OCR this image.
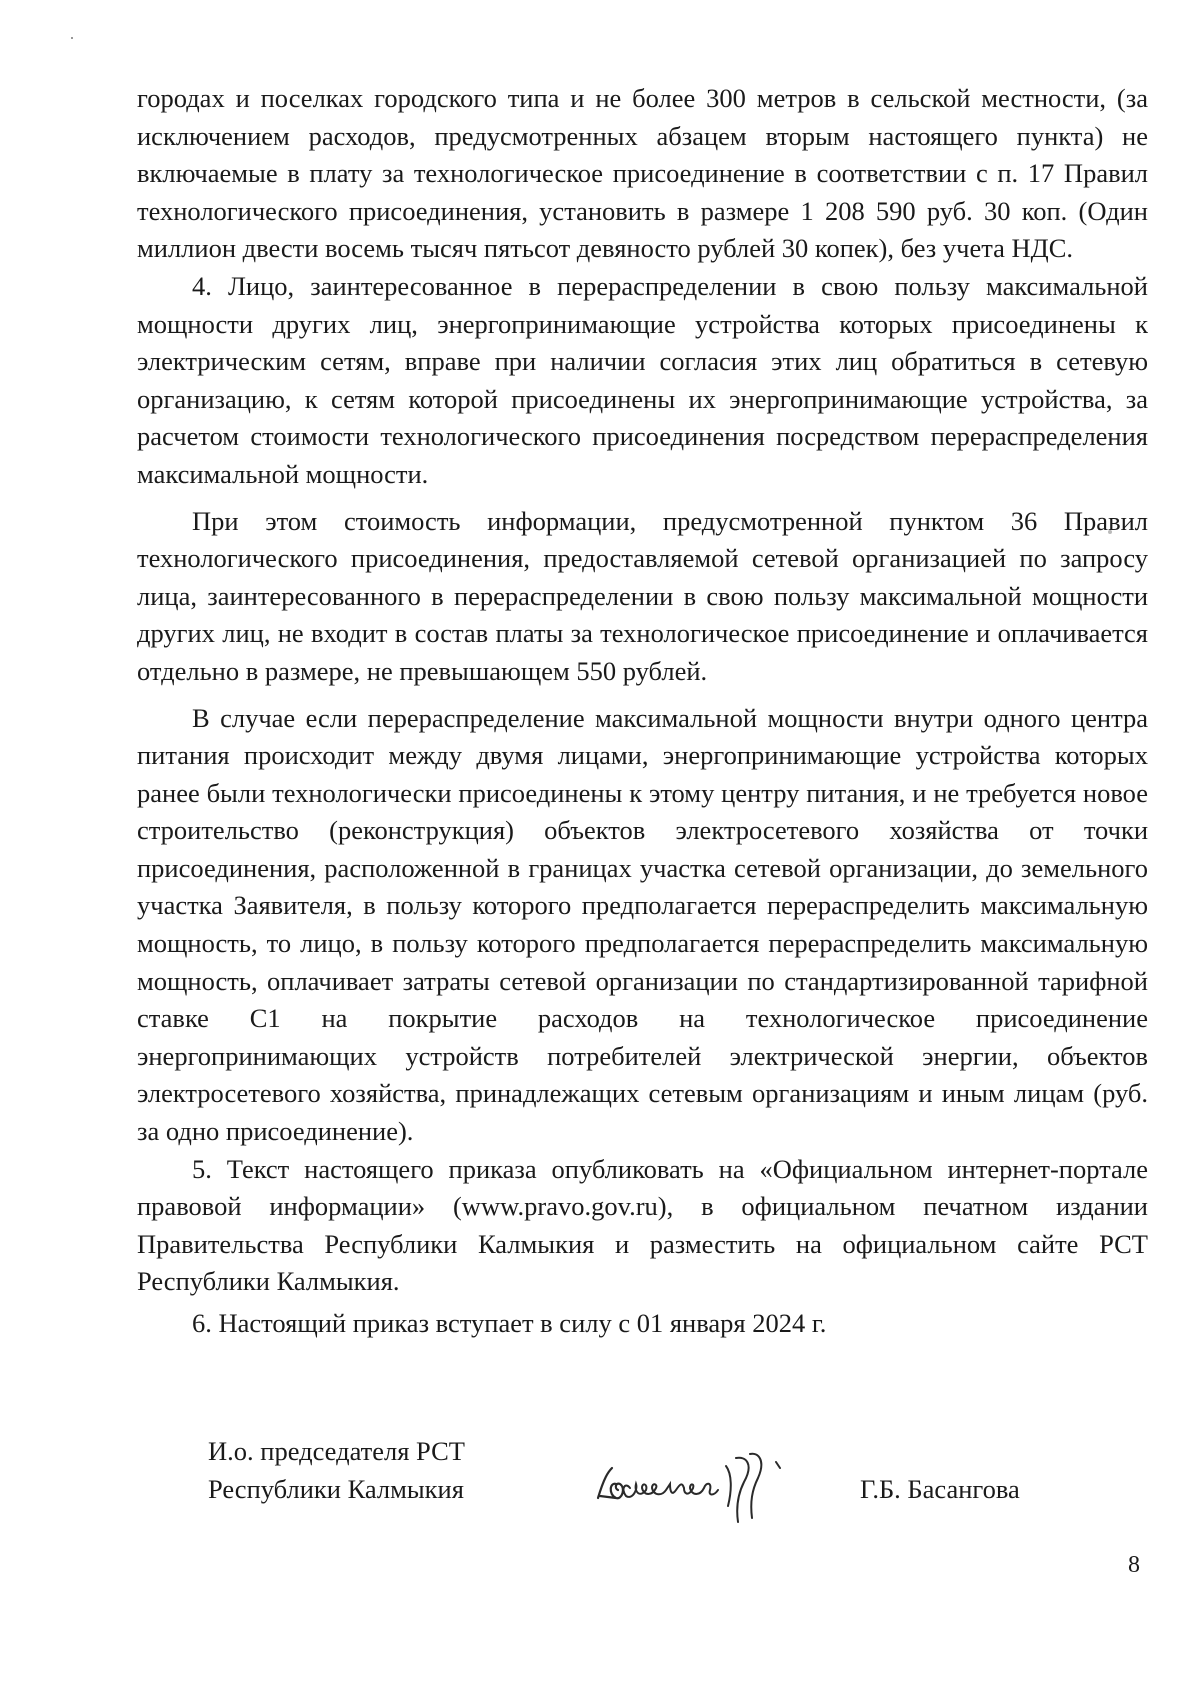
городах и поселках городского типа и не более 300 метров в сельской местности, (за исключением расходов, предусмотренных абзацем вторым настоящего пункта) не включаемые в плату за технологическое присоединение в соответствии с п. 17 Правил технологического присоединения, установить в размере 1 208 590 руб. 30 коп. (Один миллион двести восемь тысяч пятьсот девяносто рублей 30 копек), без учета НДС.

4. Лицо, заинтересованное в перераспределении в свою пользу максимальной мощности других лиц, энергопринимающие устройства которых присоединены к электрическим сетям, вправе при наличии согласия этих лиц обратиться в сетевую организацию, к сетям которой присоединены их энергопринимающие устройства, за расчетом стоимости технологического присоединения посредством перераспределения максимальной мощности.

При этом стоимость информации, предусмотренной пунктом 36 Правил технологического присоединения, предоставляемой сетевой организацией по запросу лица, заинтересованного в перераспределении в свою пользу максимальной мощности других лиц, не входит в состав платы за технологическое присоединение и оплачивается отдельно в размере, не превышающем 550 рублей.

В случае если перераспределение максимальной мощности внутри одного центра питания происходит между двумя лицами, энергопринимающие устройства которых ранее были технологически присоединены к этому центру питания, и не требуется новое строительство (реконструкция) объектов электросетевого хозяйства от точки присоединения, расположенной в границах участка сетевой организации, до земельного участка Заявителя, в пользу которого предполагается перераспределить максимальную мощность, то лицо, в пользу которого предполагается перераспределить максимальную мощность, оплачивает затраты сетевой организации по стандартизированной тарифной ставке С1 на покрытие расходов на технологическое присоединение энергопринимающих устройств потребителей электрической энергии, объектов электросетевого хозяйства, принадлежащих сетевым организациям и иным лицам (руб. за одно присоединение).

5. Текст настоящего приказа опубликовать на «Официальном интернет-портале правовой информации» (www.pravo.gov.ru), в официальном печатном издании Правительства Республики Калмыкия и разместить на официальном сайте РСТ Республики Калмыкия.

6. Настоящий приказ вступает в силу с 01 января 2024 г.

И.о. председателя РСТ
Республики Калмыкия	Г.Б. Басангова
8
